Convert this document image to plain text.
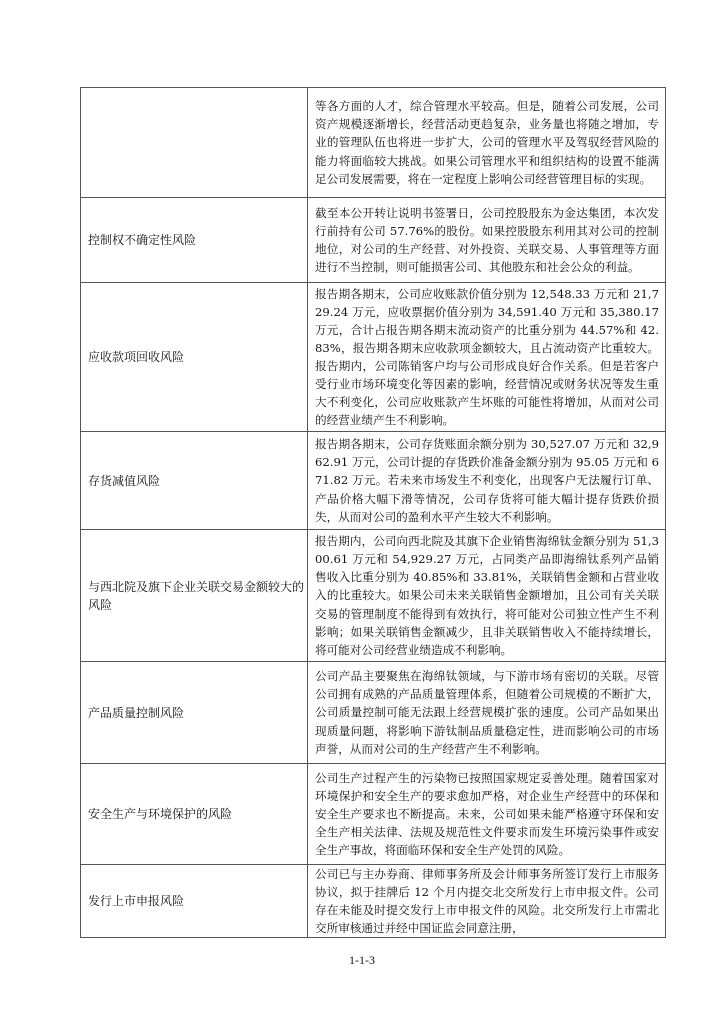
	等各方面的人才，综合管理水平较高。但是，随着公司发展，公司资产规模逐渐增长，经营活动更趋复杂，业务量也将随之增加，专业的管理队伍也将进一步扩大，公司的管理水平及驾驭经营风险的能力将面临较大挑战。如果公司管理水平和组织结构的设置不能满足公司发展需要，将在一定程度上影响公司经营管理目标的实现。
控制权不确定性风险	截至本公开转让说明书签署日，公司控股股东为金达集团，本次发行前持有公司 57.76%的股份。如果控股股东利用其对公司的控制地位，对公司的生产经营、对外投资、关联交易、人事管理等方面进行不当控制，则可能损害公司、其他股东和社会公众的利益。
应收款项回收风险	报告期各期末，公司应收账款价值分别为 12,548.33 万元和 21,729.24 万元，应收票据价值分别为 34,591.40 万元和 35,380.17 万元，合计占报告期各期末流动资产的比重分别为 44.57%和 42.83%，报告期各期末应收款项金额较大，且占流动资产比重较大。报告期内，公司陈销客户均与公司形成良好合作关系。但是若客户受行业市场环境变化等因素的影响，经营情况或财务状况等发生重大不利变化，公司应收账款产生坏账的可能性将增加，从而对公司的经营业绩产生不利影响。
存货减值风险	报告期各期末，公司存货账面余额分别为 30,527.07 万元和 32,962.91 万元，公司计提的存货跌价准备金额分别为 95.05 万元和 671.82 万元。若未来市场发生不利变化，出现客户无法履行订单、产品价格大幅下滑等情况，公司存货将可能大幅计提存货跌价损失，从而对公司的盈利水平产生较大不利影响。
与西北院及旗下企业关联交易金额较大的风险	报告期内，公司向西北院及其旗下企业销售海绵钛金额分别为 51,300.61 万元和 54,929.27 万元，占同类产品即海绵钛系列产品销售收入比重分别为 40.85%和 33.81%，关联销售金额和占营业收入的比重较大。如果公司未来关联销售金额增加，且公司有关关联交易的管理制度不能得到有效执行，将可能对公司独立性产生不利影响；如果关联销售金额减少，且非关联销售收入不能持续增长，将可能对公司经营业绩造成不利影响。
产品质量控制风险	公司产品主要聚焦在海绵钛领域，与下游市场有密切的关联。尽管公司拥有成熟的产品质量管理体系，但随着公司规模的不断扩大，公司质量控制可能无法跟上经营规模扩张的速度。公司产品如果出现质量问题，将影响下游钛制品质量稳定性，进而影响公司的市场声誉，从而对公司的生产经营产生不利影响。
安全生产与环境保护的风险	公司生产过程产生的污染物已按照国家规定妥善处理。随着国家对环境保护和安全生产的要求愈加严格，对企业生产经营中的环保和安全生产要求也不断提高。未来，公司如果未能严格遵守环保和安全生产相关法律、法规及规范性文件要求而发生环境污染事件或安全生产事故，将面临环保和安全生产处罚的风险。
发行上市申报风险	公司已与主办券商、律师事务所及会计师事务所签订发行上市服务协议，拟于挂牌后 12 个月内提交北交所发行上市申报文件。公司存在未能及时提交发行上市申报文件的风险。北交所发行上市需北交所审核通过并经中国证监会同意注册，
1-1-3
